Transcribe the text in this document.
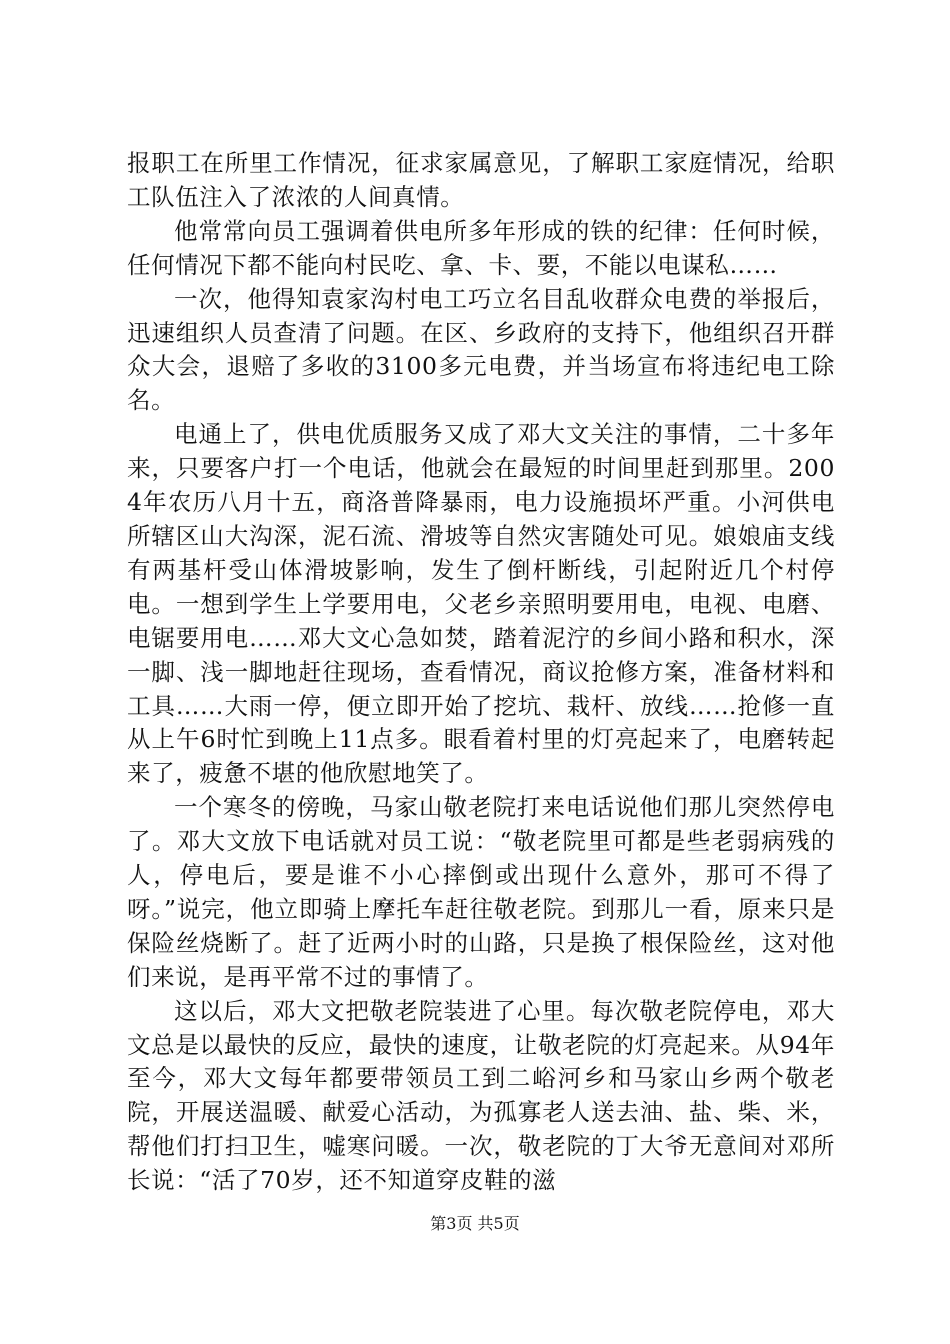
报职工在所里工作情况，征求家属意见，了解职工家庭情况，给职工队伍注入了浓浓的人间真情。

他常常向员工强调着供电所多年形成的铁的纪律：任何时候，任何情况下都不能向村民吃、拿、卡、要，不能以电谋私……

一次，他得知袁家沟村电工巧立名目乱收群众电费的举报后，迅速组织人员查清了问题。在区、乡政府的支持下，他组织召开群众大会，退赔了多收的3100多元电费，并当场宣布将违纪电工除名。

电通上了，供电优质服务又成了邓大文关注的事情，二十多年来，只要客户打一个电话，他就会在最短的时间里赶到那里。2004年农历八月十五，商洛普降暴雨，电力设施损坏严重。小河供电所辖区山大沟深，泥石流、滑坡等自然灾害随处可见。娘娘庙支线有两基杆受山体滑坡影响，发生了倒杆断线，引起附近几个村停电。一想到学生上学要用电，父老乡亲照明要用电，电视、电磨、电锯要用电……邓大文心急如焚，踏着泥泞的乡间小路和积水，深一脚、浅一脚地赶往现场，查看情况，商议抢修方案，准备材料和工具……大雨一停，便立即开始了挖坑、栽杆、放线……抢修一直从上午6时忙到晚上11点多。眼看着村里的灯亮起来了，电磨转起来了，疲惫不堪的他欣慰地笑了。

一个寒冬的傍晚，马家山敬老院打来电话说他们那儿突然停电了。邓大文放下电话就对员工说：“敬老院里可都是些老弱病残的人，停电后，要是谁不小心摔倒或出现什么意外，那可不得了呀。”说完，他立即骑上摩托车赶往敬老院。到那儿一看，原来只是保险丝烧断了。赶了近两小时的山路，只是换了根保险丝，这对他们来说，是再平常不过的事情了。

这以后，邓大文把敬老院装进了心里。每次敬老院停电，邓大文总是以最快的反应，最快的速度，让敬老院的灯亮起来。从94年至今，邓大文每年都要带领员工到二峪河乡和马家山乡两个敬老院，开展送温暖、献爱心活动，为孤寡老人送去油、盐、柴、米，帮他们打扫卫生，嘘寒问暖。一次，敬老院的丁大爷无意间对邓所长说：“活了70岁，还不知道穿皮鞋的滋

第3页 共5页
